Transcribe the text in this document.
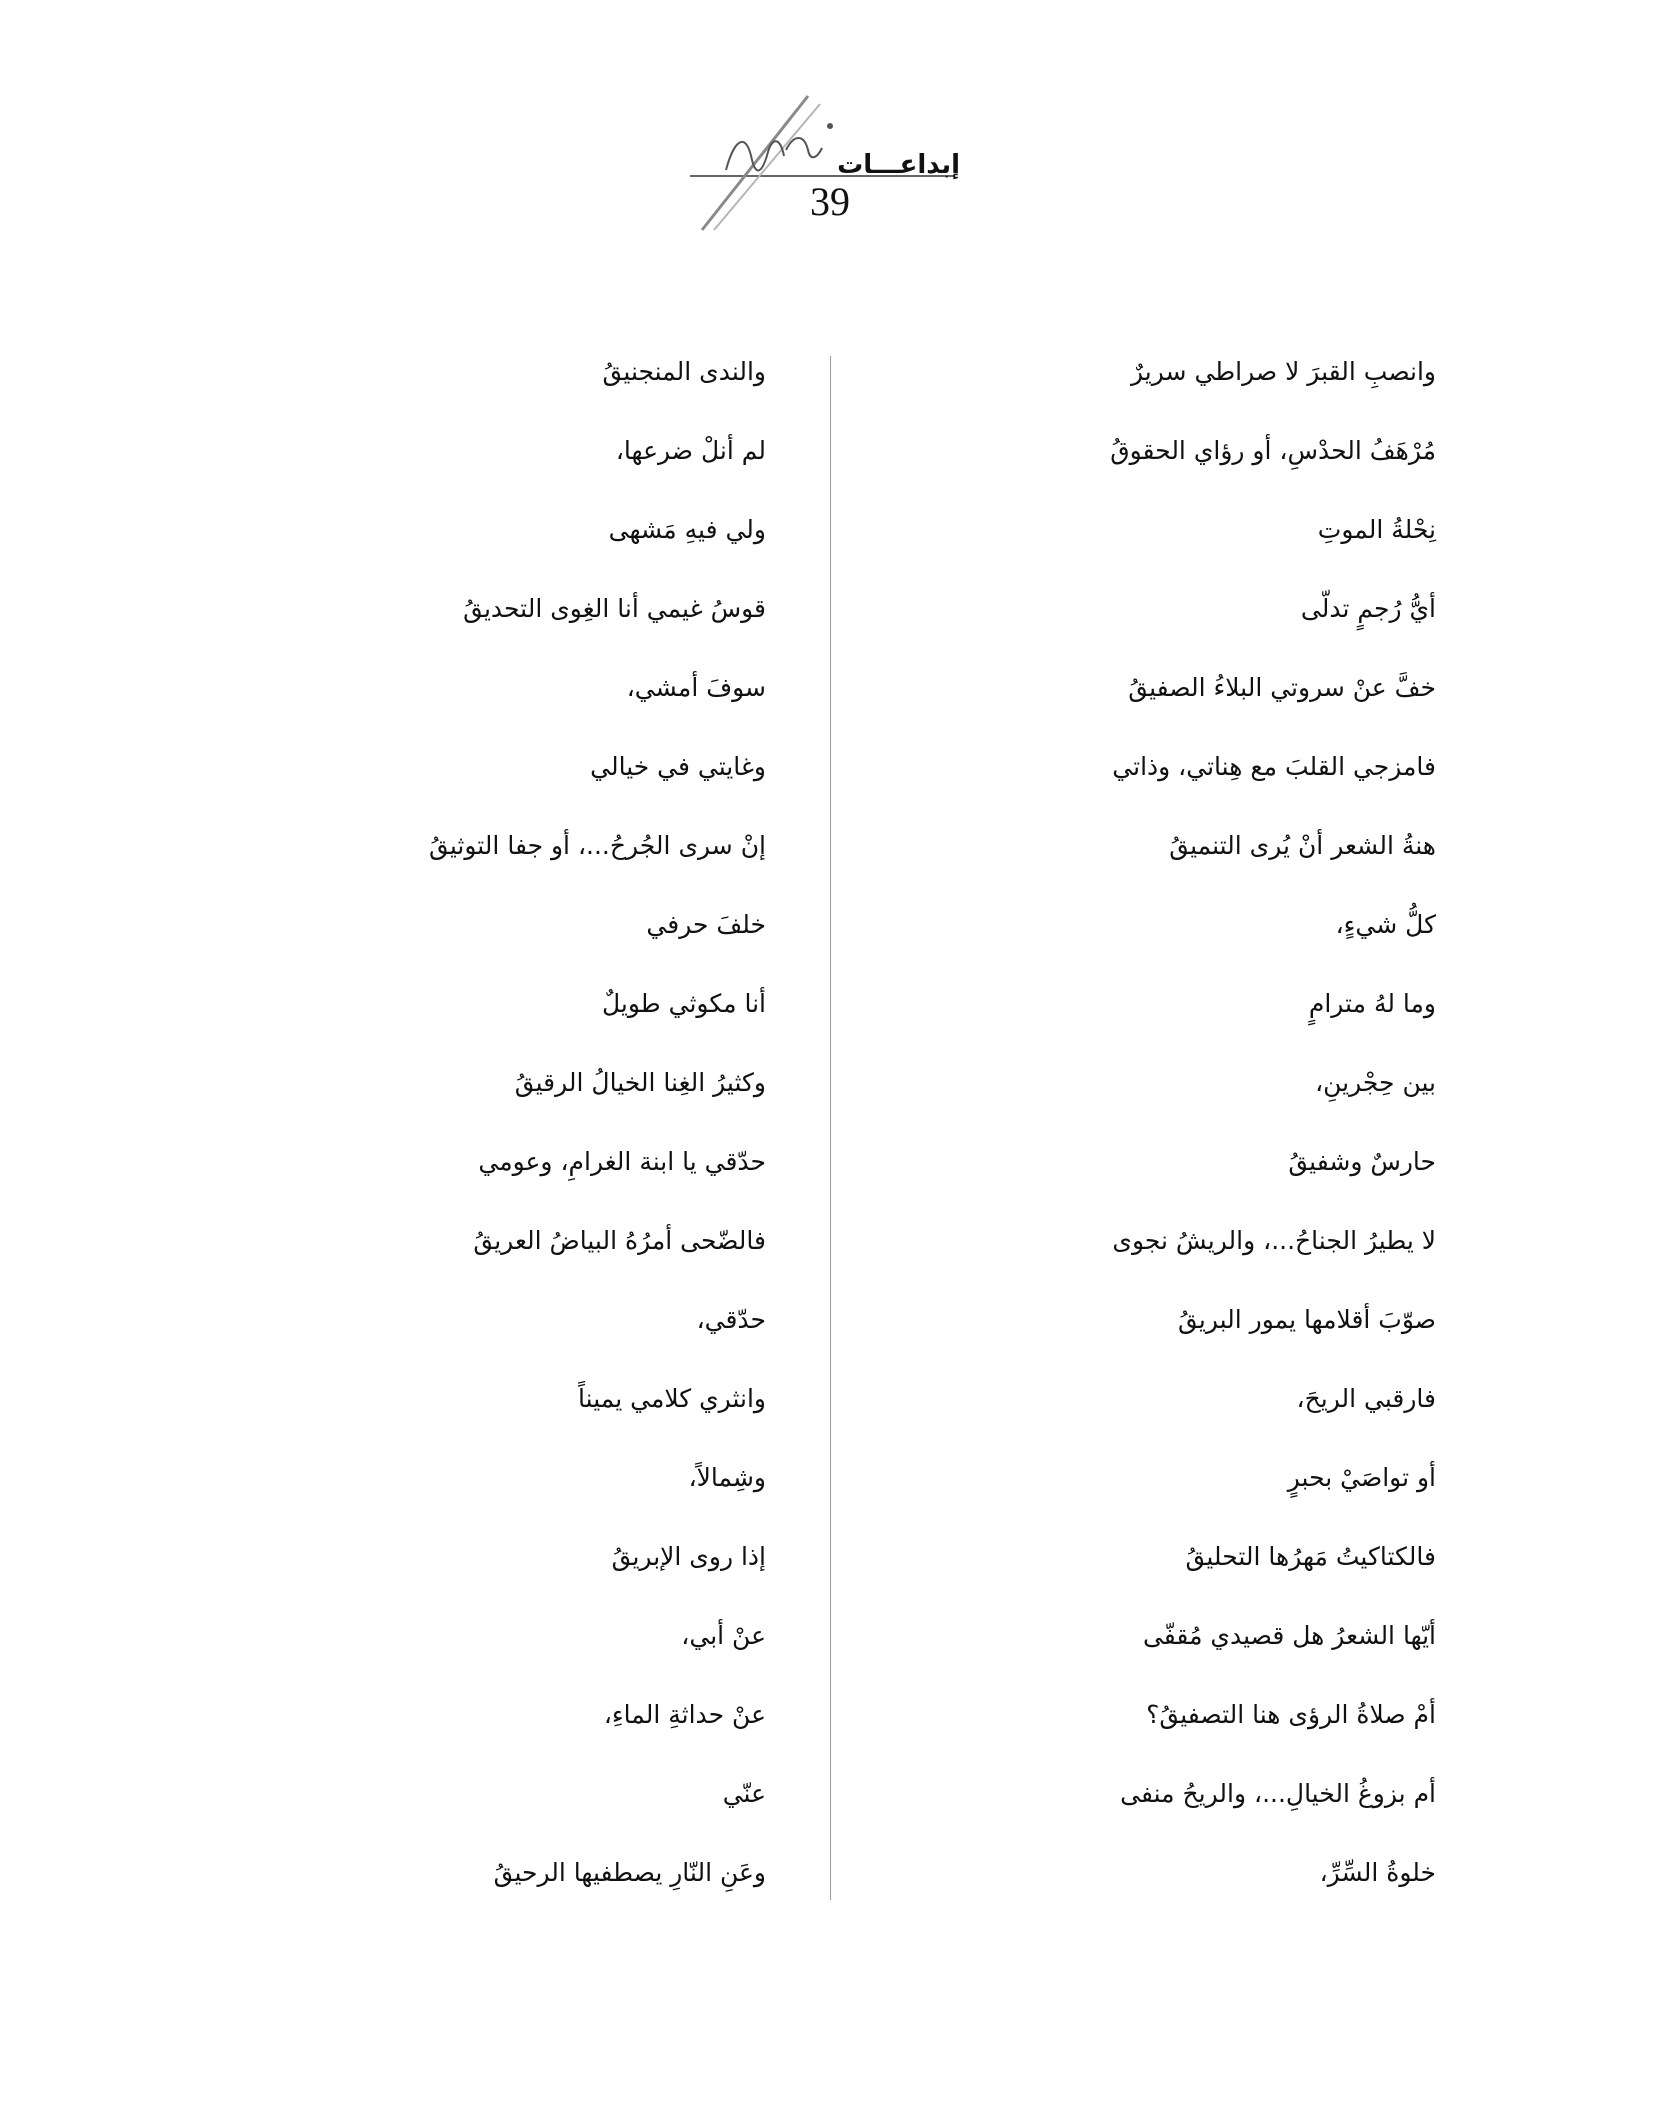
إبداعـــات
39
وانصبِ القبرَ لا صراطي سريرٌ
مُرْهَفُ الحدْسِ، أو رؤاي الحقوقُ
نِحْلةُ الموتِ
أيُّ رُجمٍ تدلّى
خفَّ عنْ سروتي البلاءُ الصفيقُ
فامزجي القلبَ مع هِناتي، وذاتي
هنةُ الشعر أنْ يُرى التنميقُ
كلُّ شيءٍ،
وما لهُ مترامٍ
بين حِجْرينِ،
حارسٌ وشفيقُ
لا يطيرُ الجناحُ...، والريشُ نجوى
صوّبَ أقلامها يمور البريقُ
فارقبي الريحَ،
أو تواصَيْ بحبرٍ
فالكتاكيتُ مَهرُها التحليقُ
أيّها الشعرُ هل قصيدي مُقفّى
أمْ صلاةُ الرؤى هنا التصفيقُ؟
أم بزوغُ الخيالِ...، والريحُ منفى
خلوةُ السِّرِّ،
والندى المنجنيقُ
لم أنلْ ضرعها،
ولي فيهِ مَشهى
قوسُ غيمي أنا الغِوى التحديقُ
سوفَ أمشي،
وغايتي في خيالي
إنْ سرى الجُرحُ...، أو جفا التوثيقُ
خلفَ حرفي
أنا مكوثي طويلٌ
وكثيرُ الغِنا الخيالُ الرقيقُ
حدّقي يا ابنة الغرامِ، وعومي
فالضّحى أمرُهُ البياضُ العريقُ
حدّقي،
وانثري كلامي يميناً
وشِمالاً،
إذا روى الإبريقُ
عنْ أبي،
عنْ حداثةِ الماءِ،
عنّي
وعَنِ النّارِ يصطفيها الرحيقُ
